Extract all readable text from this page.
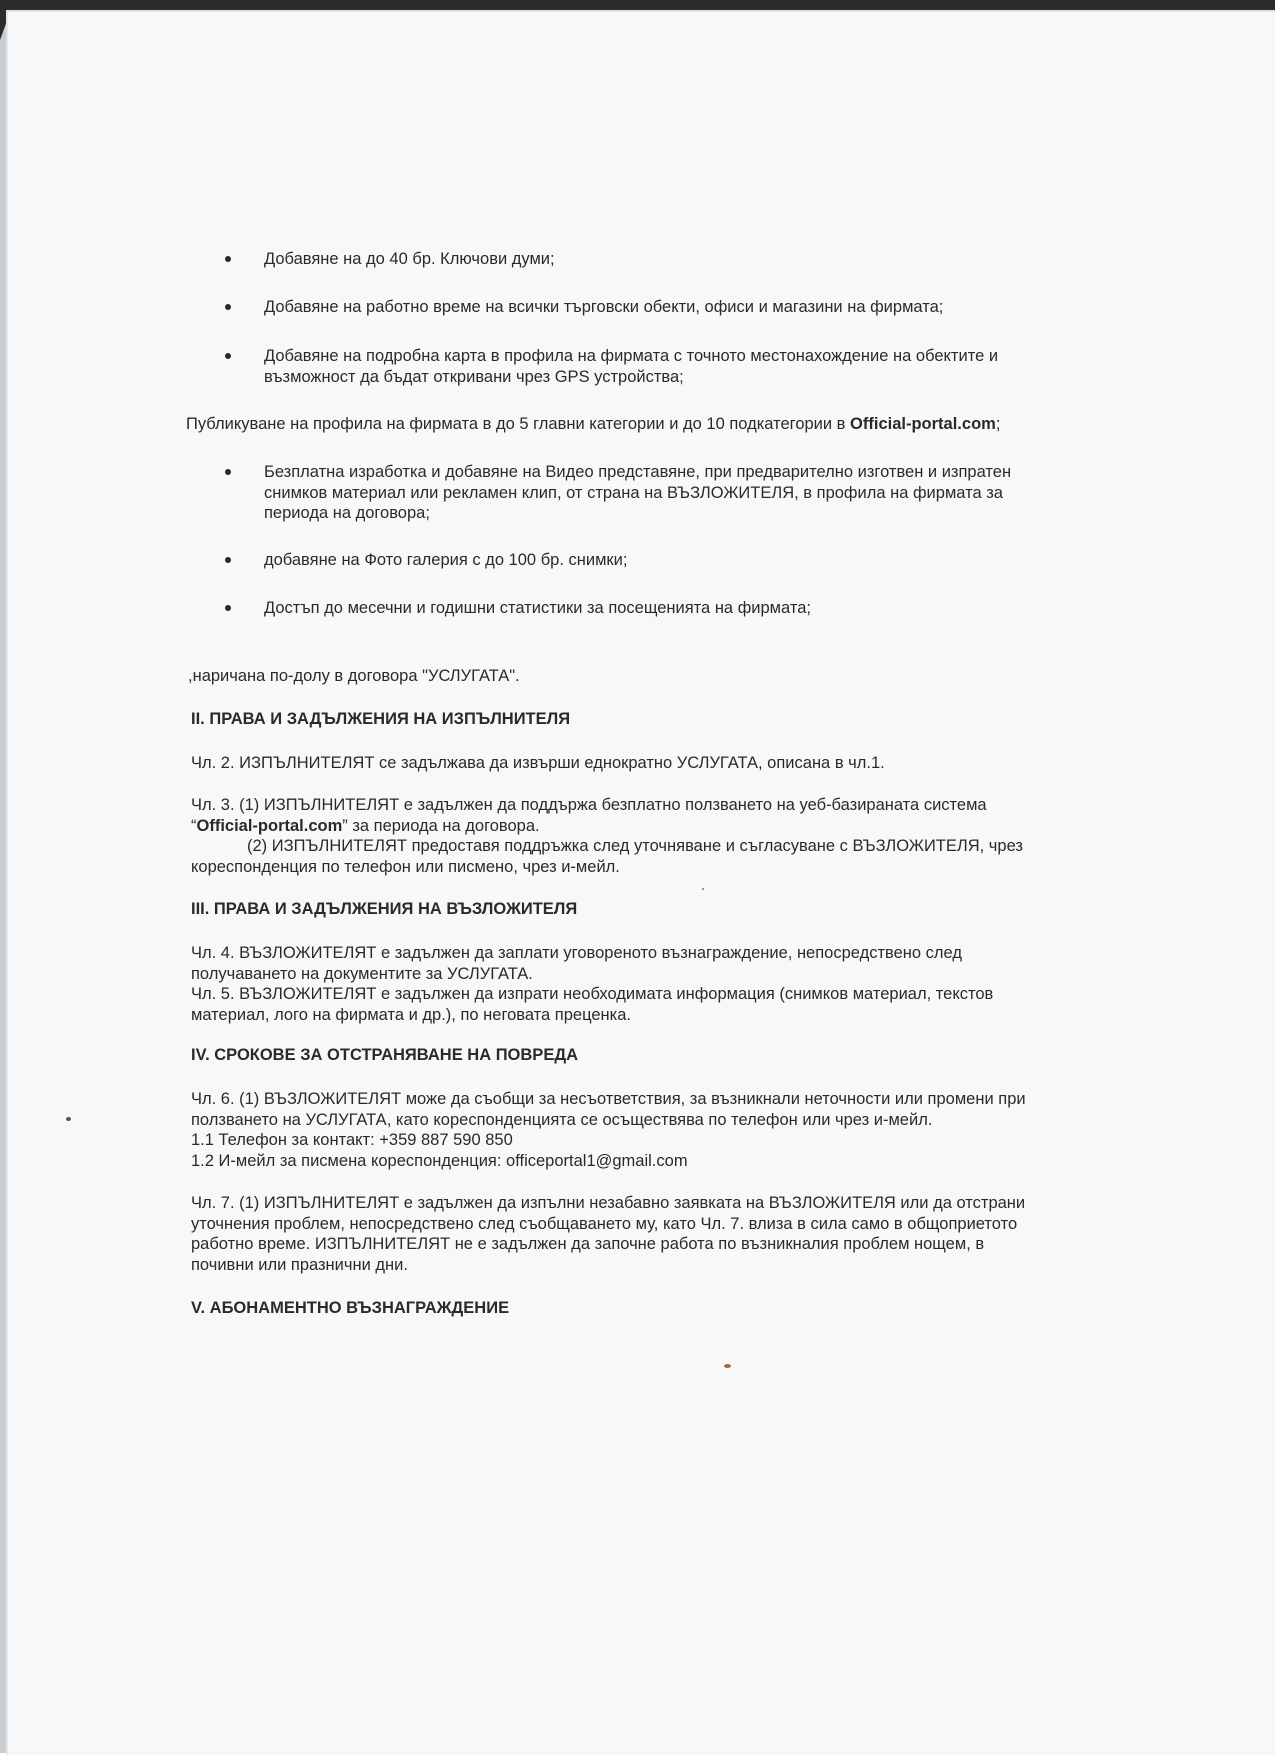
Добавяне на до 40 бр. Ключови думи;
Добавяне на работно време на всички търговски обекти, офиси и магазини на фирмата;
Добавяне на подробна карта в профила на фирмата с точното местонахождение на обектите и
възможност да бъдат откривани чрез GPS устройства;
Публикуване на профила на фирмата в до 5 главни категории и до 10 подкатегории в Official-portal.com;
Безплатна изработка и добавяне на Видео представяне, при предварително изготвен и изпратен
снимков материал или рекламен клип, от страна на ВЪЗЛОЖИТЕЛЯ, в профила на фирмата за
периода на договора;
добавяне на Фото галерия с до 100 бр. снимки;
Достъп до месечни и годишни статистики за посещенията на фирмата;
,наричана по-долу в договора "УСЛУГАТА".
II. ПРАВА И ЗАДЪЛЖЕНИЯ НА ИЗПЪЛНИТЕЛЯ
Чл. 2. ИЗПЪЛНИТЕЛЯТ се задължава да извърши еднократно УСЛУГАТА, описана в чл.1.
Чл. 3. (1) ИЗПЪЛНИТЕЛЯТ е задължен да поддържа безплатно ползването на уеб-базираната система
“Official-portal.com” за периода на договора.
(2) ИЗПЪЛНИТЕЛЯТ предоставя поддръжка след уточняване и съгласуване с ВЪЗЛОЖИТЕЛЯ, чрез
кореспонденция по телефон или писмено, чрез и-мейл.
III. ПРАВА И ЗАДЪЛЖЕНИЯ НА ВЪЗЛОЖИТЕЛЯ
Чл. 4. ВЪЗЛОЖИТЕЛЯТ е задължен да заплати уговореното възнаграждение, непосредствено след
получаването на документите за УСЛУГАТА.
Чл. 5. ВЪЗЛОЖИТЕЛЯТ е задължен да изпрати необходимата информация (снимков материал, текстов
материал, лого на фирмата и др.), по неговата преценка.
IV. СРОКОВЕ ЗА ОТСТРАНЯВАНЕ НА ПОВРЕДА
Чл. 6. (1) ВЪЗЛОЖИТЕЛЯТ може да съобщи за несъответствия, за възникнали неточности или промени при
ползването на УСЛУГАТА, като кореспонденцията се осъществява по телефон или чрез и-мейл.
1.1 Телефон за контакт: +359 887 590 850
1.2 И-мейл за писмена кореспонденция: officeportal1@gmail.com
Чл. 7. (1) ИЗПЪЛНИТЕЛЯТ е задължен да изпълни незабавно заявката на ВЪЗЛОЖИТЕЛЯ или да отстрани
уточнения проблем, непосредствено след съобщаването му, като Чл. 7. влиза в сила само в общоприетото
работно време. ИЗПЪЛНИТЕЛЯТ не е задължен да започне работа по възникналия проблем нощем, в
почивни или празнични дни.
V. АБОНАМЕНТНО ВЪЗНАГРАЖДЕНИЕ
